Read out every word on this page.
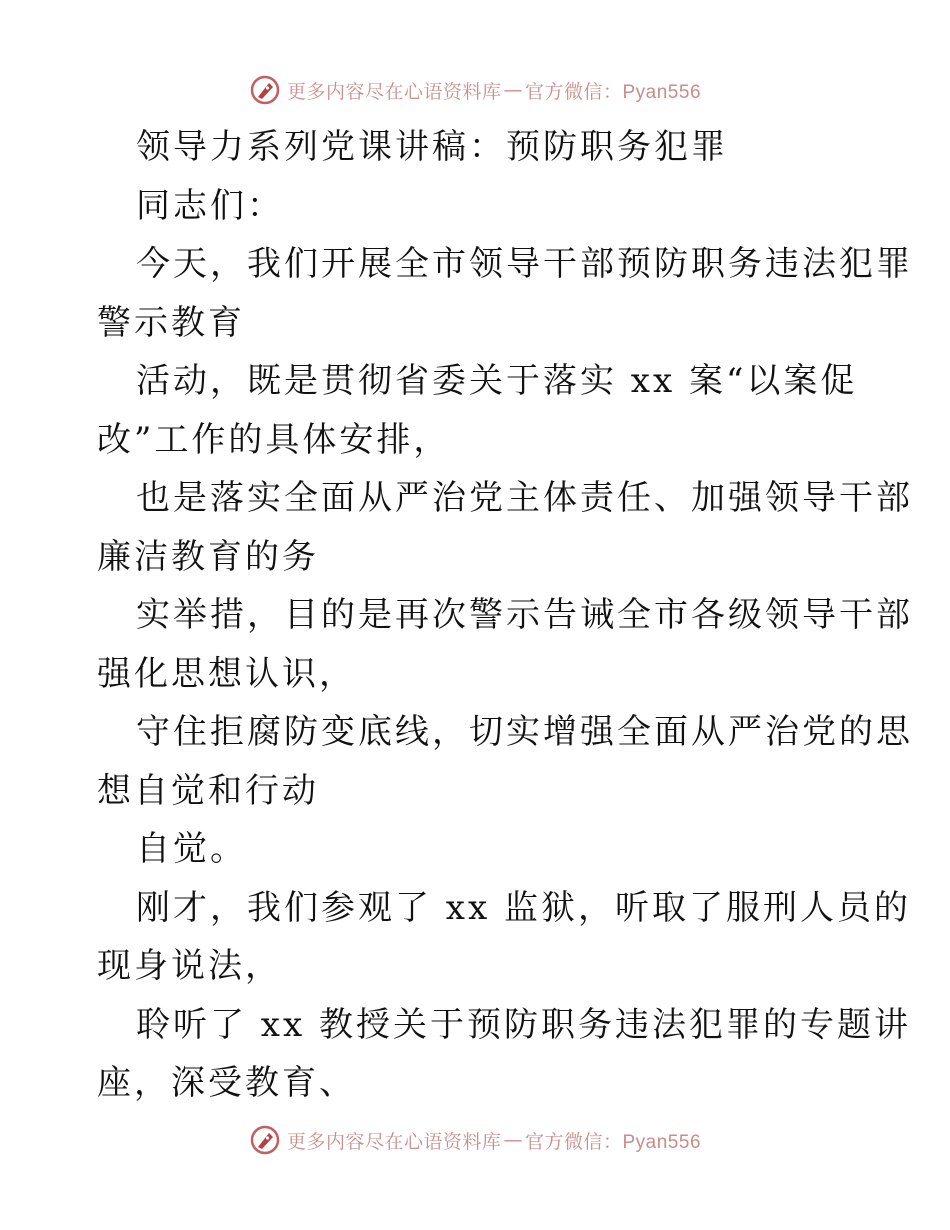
更多内容尽在心语资料库 — 官方微信：Pyan556
领导力系列党课讲稿：预防职务犯罪
同志们：
今天，我们开展全市领导干部预防职务违法犯罪
警示教育
活动，既是贯彻省委关于落实 xx 案“以案促
改”工作的具体安排，
也是落实全面从严治党主体责任、加强领导干部
廉洁教育的务
实举措，目的是再次警示告诫全市各级领导干部
强化思想认识，
守住拒腐防变底线，切实增强全面从严治党的思
想自觉和行动
自觉。
刚才，我们参观了 xx 监狱，听取了服刑人员的
现身说法，
聆听了 xx 教授关于预防职务违法犯罪的专题讲
座，深受教育、
更多内容尽在心语资料库 — 官方微信：Pyan556
